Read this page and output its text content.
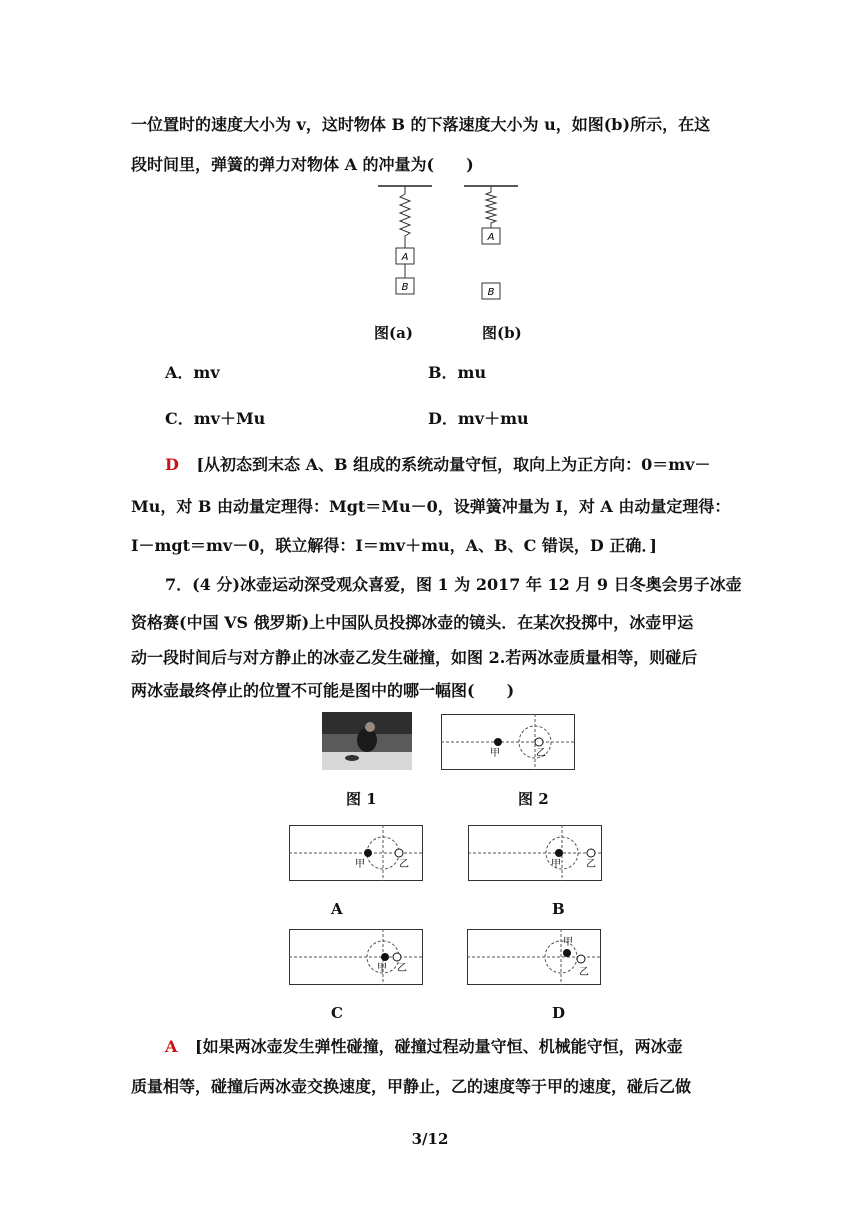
一位置时的速度大小为 v，这时物体 B 的下落速度大小为 u，如图(b)所示，在这
段时间里，弹簧的弹力对物体 A 的冲量为(　　)
A
B
A
B
图(a)	图(b)
A．mv	B．mu
C．mv＋Mu	D．mv＋mu
D [从初态到末态 A、B 组成的系统动量守恒，取向上为正方向：0＝mv－
Mu，对 B 由动量定理得：Mgt＝Mu－0，设弹簧冲量为 I，对 A 由动量定理得：
I－mgt＝mv－0，联立解得：I＝mv＋mu，A、B、C 错误，D 正确．]
7．(4 分)冰壶运动深受观众喜爱，图 1 为 2017 年 12 月 9 日冬奥会男子冰壶
资格赛(中国 VS 俄罗斯)上中国队员投掷冰壶的镜头．在某次投掷中，冰壶甲运
动一段时间后与对方静止的冰壶乙发生碰撞，如图 2.若两冰壶质量相等，则碰后
两冰壶最终停止的位置不可能是图中的哪一幅图(　　)
甲	乙
图 1	图 2
甲	乙	甲	乙
A	B
甲 乙
甲
乙
C	D
A [如果两冰壶发生弹性碰撞，碰撞过程动量守恒、机械能守恒，两冰壶
质量相等，碰撞后两冰壶交换速度，甲静止，乙的速度等于甲的速度，碰后乙做
3/12
